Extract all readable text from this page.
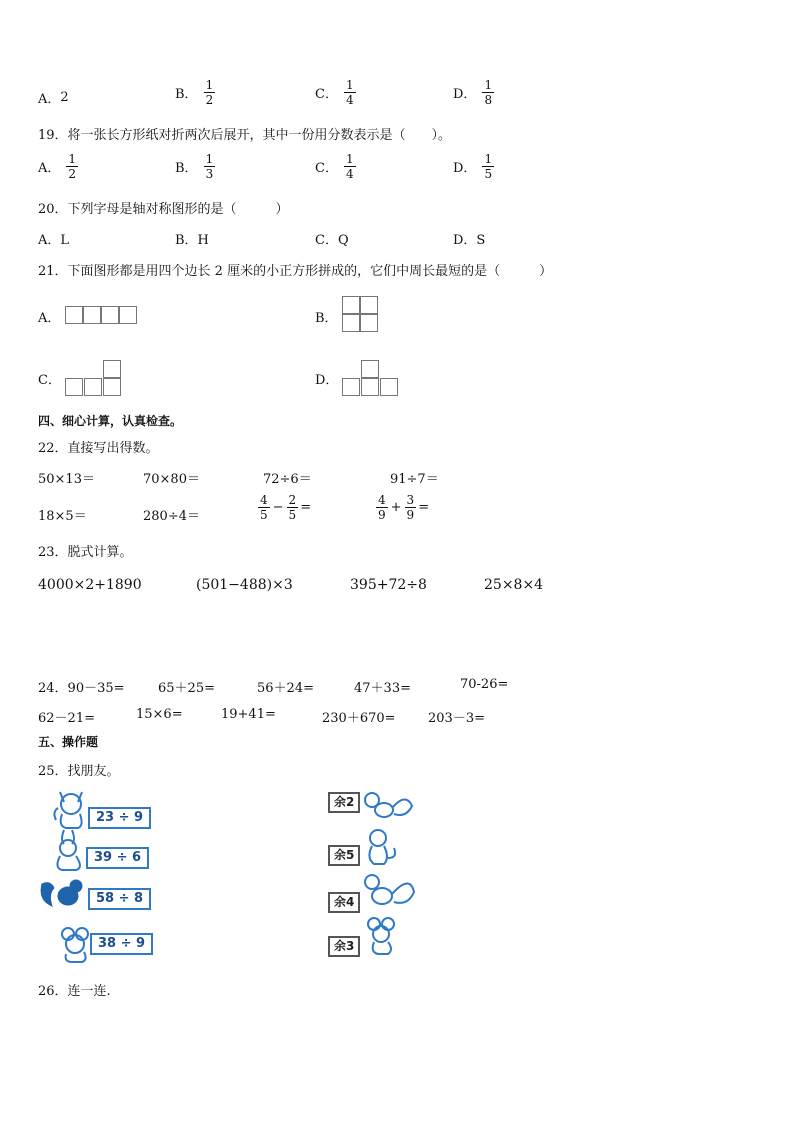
A． 2	B． $\frac{1}{2}$	C． $\frac{1}{4}$	D． $\frac{1}{8}$
19．将一张长方形纸对折两次后展开，其中一份用分数表示是（　　）。
A． $\frac{1}{2}$	B． $\frac{1}{3}$	C． $\frac{1}{4}$	D． $\frac{1}{5}$
20．下列字母是轴对称图形的是（　　　）
A．L	B．H	C．Q	D．S
21．下面图形都是用四个边长 2 厘米的小正方形拼成的，它们中周长最短的是（　　　）
A．	B．
C．	D．
四、细心计算，认真检查。
22．直接写出得数。
50×13＝	70×80＝	72÷6＝	91÷7＝
18×5＝	280÷4＝	$\frac{4}{5} - \frac{2}{5}$ =	$\frac{4}{9} + \frac{3}{9}$ =
23．脱式计算。
4000×2+1890	(501−488)×3	395+72÷8	25×8×4
24．90－35=	65＋25=	56＋24=	47＋33=	70-26=
62－21=	15×6=	19+41=	230＋670= 203－3=
五、操作题
25．找朋友。
23 ÷ 9
39 ÷ 6
58 ÷ 8
38 ÷ 9
余2
余5
余4
余3
26．连一连.
